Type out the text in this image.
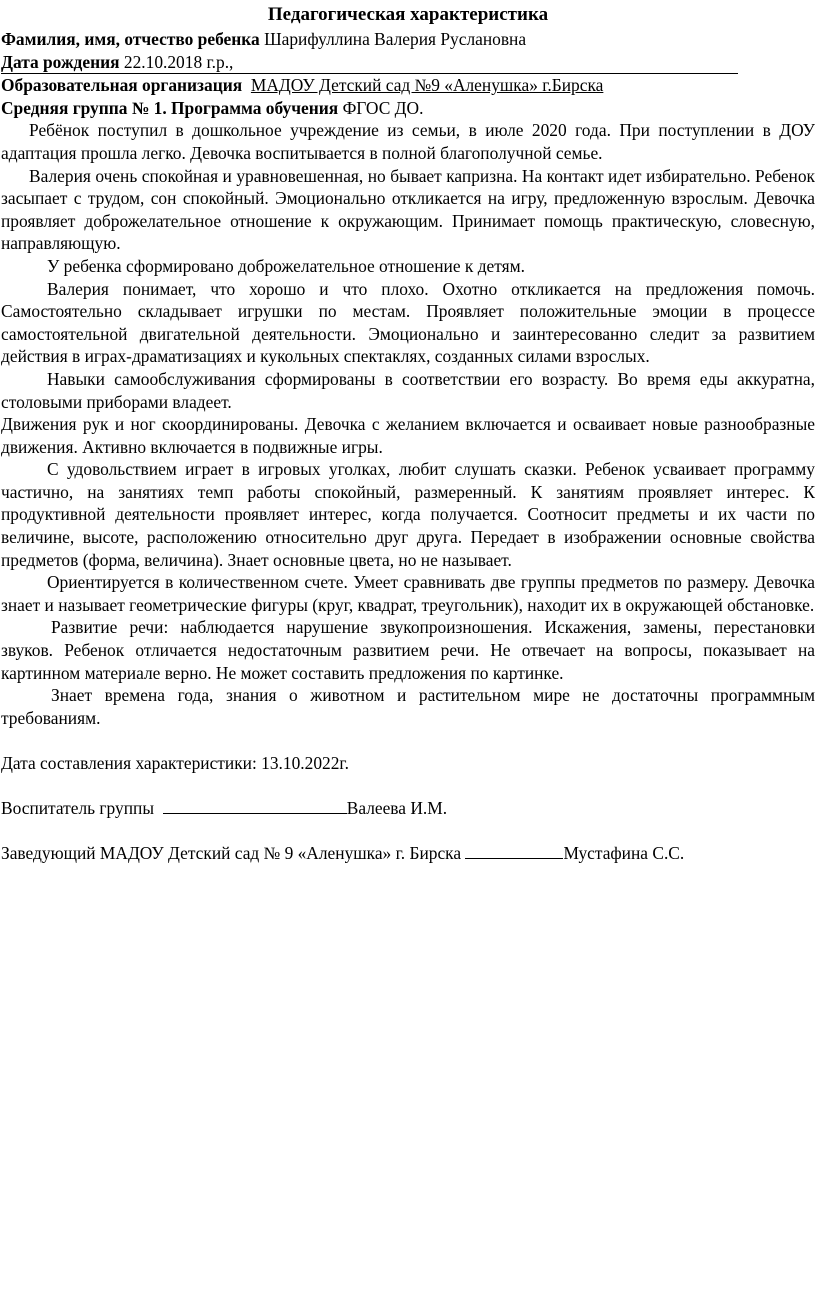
Педагогическая характеристика

Фамилия, имя, отчество ребенка Шарифуллина Валерия Руслановна

Дата рождения 22.10.2018 г.р.,

Образовательная организация МАДОУ Детский сад №9 «Аленушка» г.Бирска

Средняя группа № 1. Программа обучения ФГОС ДО.

Ребёнок поступил в дошкольное учреждение из семьи, в июле 2020 года. При поступлении в ДОУ адаптация прошла легко. Девочка воспитывается в полной благополучной семье.

Валерия очень спокойная и уравновешенная, но бывает капризна. На контакт идет избирательно. Ребенок засыпает с трудом, сон спокойный. Эмоционально откликается на игру, предложенную взрослым. Девочка проявляет доброжелательное отношение к окружающим. Принимает помощь практическую, словесную, направляющую.

У ребенка сформировано доброжелательное отношение к детям.

Валерия понимает, что хорошо и что плохо. Охотно откликается на предложения помочь. Самостоятельно складывает игрушки по местам. Проявляет положительные эмоции в процессе самостоятельной двигательной деятельности. Эмоционально и заинтересованно следит за развитием действия в играх-драматизациях и кукольных спектаклях, созданных силами взрослых.

Навыки самообслуживания сформированы в соответствии его возрасту. Во время еды аккуратна, столовыми приборами владеет.

Движения рук и ног скоординированы. Девочка с желанием включается и осваивает новые разнообразные движения. Активно включается в подвижные игры.

С удовольствием играет в игровых уголках, любит слушать сказки. Ребенок усваивает программу частично, на занятиях темп работы спокойный, размеренный. К занятиям проявляет интерес. К продуктивной деятельности проявляет интерес, когда получается. Соотносит предметы и их части по величине, высоте, расположению относительно друг друга. Передает в изображении основные свойства предметов (форма, величина). Знает основные цвета, но не называет.

Ориентируется в количественном счете. Умеет сравнивать две группы предметов по размеру. Девочка знает и называет геометрические фигуры (круг, квадрат, треугольник), находит их в окружающей обстановке.

Развитие речи: наблюдается нарушение звукопроизношения. Искажения, замены, перестановки звуков. Ребенок отличается недостаточным развитием речи. Не отвечает на вопросы, показывает на картинном материале верно. Не может составить предложения по картинке.

Знает времена года, знания о животном и растительном мире не достаточны программным требованиям.

Дата составления характеристики: 13.10.2022г.

Воспитатель группы	Валеева И.М.

Заведующий МАДОУ Детский сад № 9 «Аленушка» г. Бирска	Мустафина С.С.
